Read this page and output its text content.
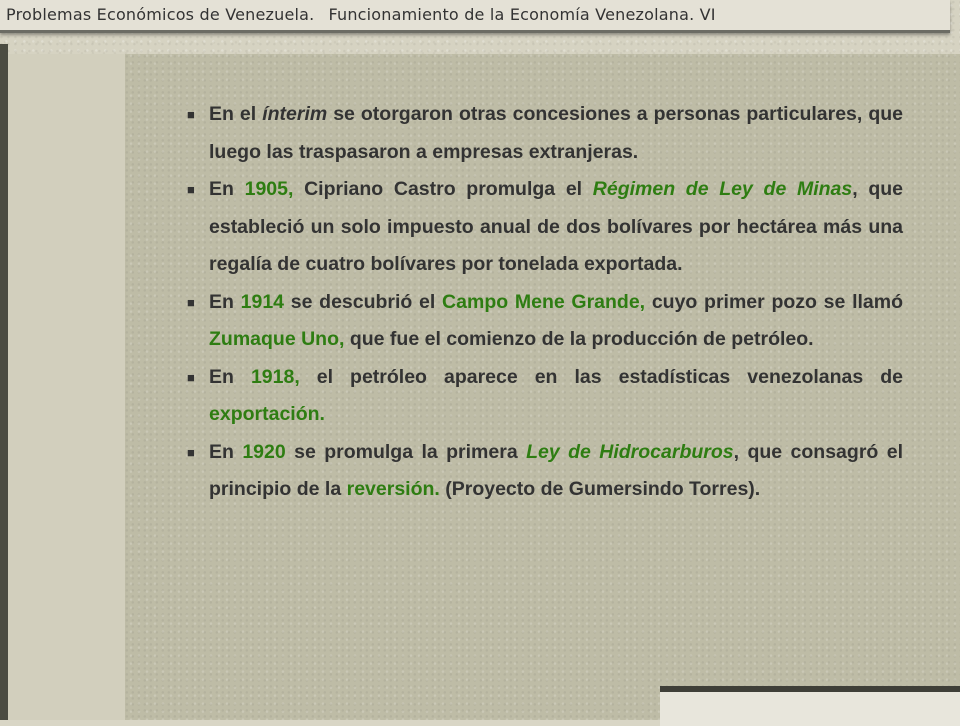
Problemas Económicos de Venezuela. Funcionamiento de la Economía Venezolana. VI

■ En el ínterim se otorgaron otras concesiones a personas particulares, que luego las traspasaron a empresas extranjeras.

■ En 1905, Cipriano Castro promulga el Régimen de Ley de Minas, que estableció un solo impuesto anual de dos bolívares por hectárea más una regalía de cuatro bolívares por tonelada exportada.

■ En 1914 se descubrió el Campo Mene Grande, cuyo primer pozo se llamó Zumaque Uno, que fue el comienzo de la producción de petróleo.

■ En 1918, el petróleo aparece en las estadísticas venezolanas de exportación.

■ En 1920 se promulga la primera Ley de Hidrocarburos, que consagró el principio de la reversión. (Proyecto de Gumersindo Torres).
